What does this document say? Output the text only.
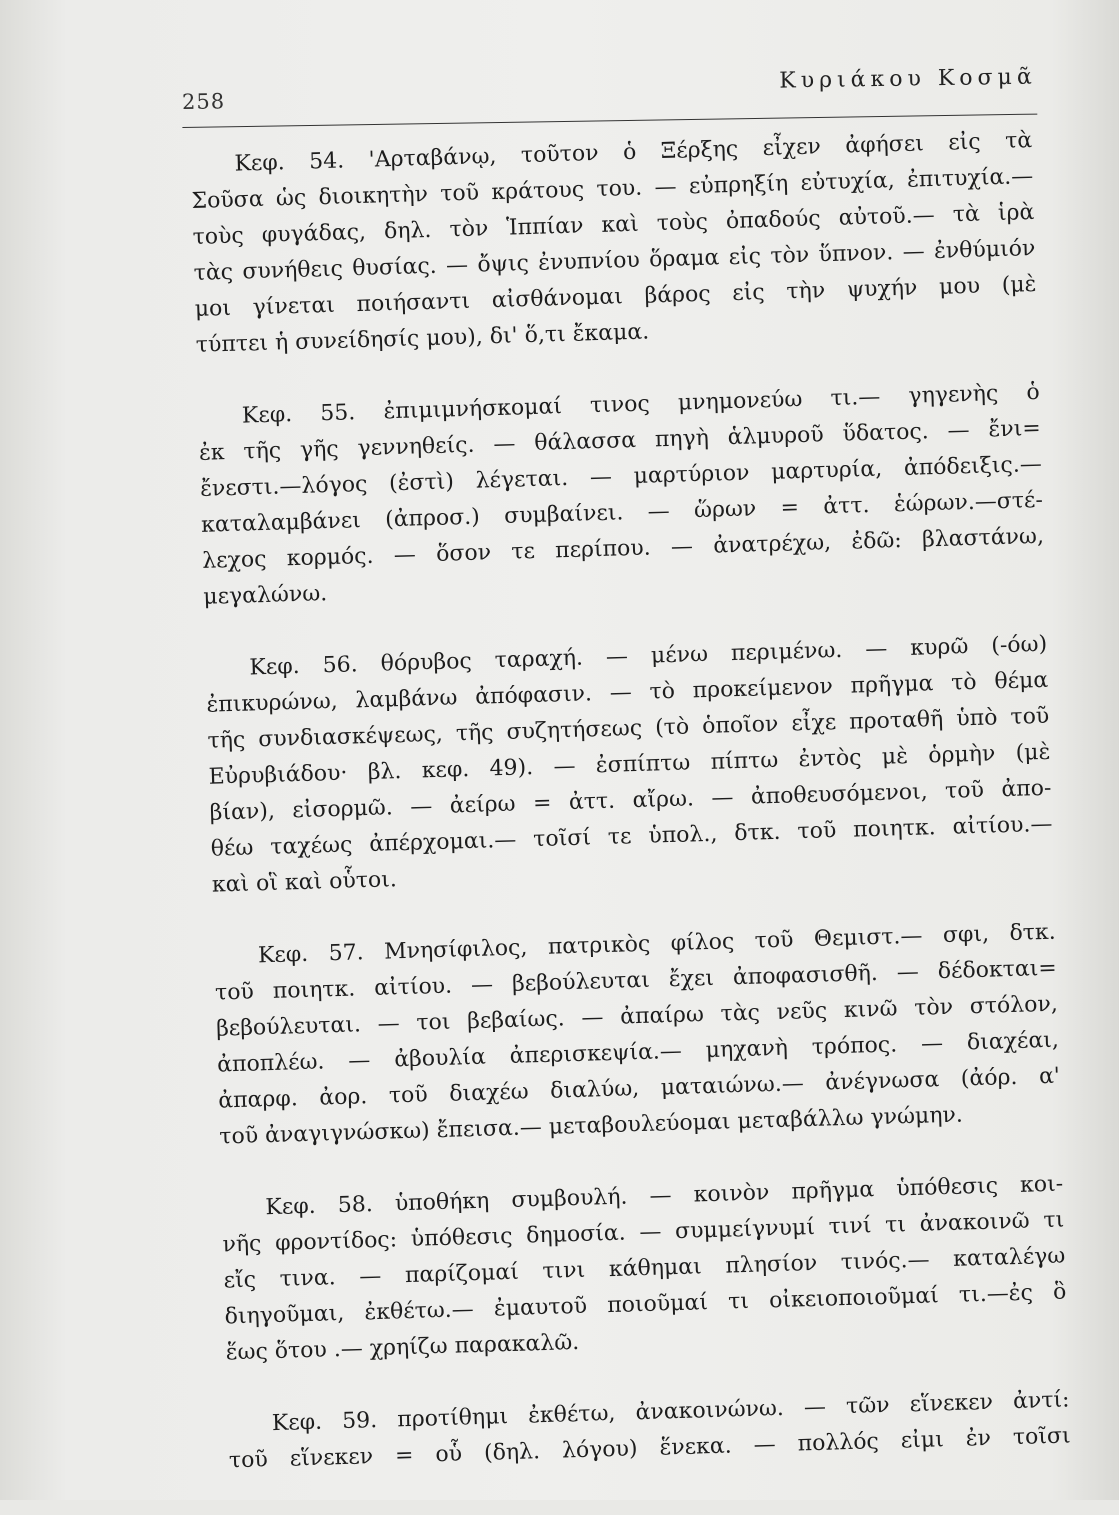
258
Κυριάκου Κοσμᾶ
Κεφ. 54. 'Αρταβάνῳ, τοῦτον ὁ Ξέρξης εἶχεν ἀφήσει εἰς τὰ
Σοῦσα ὡς διοικητὴν τοῦ κράτους του. — εὐπρηξίη εὐτυχία, ἐπιτυχία.—
τοὺς φυγάδας, δηλ. τὸν Ἱππίαν καὶ τοὺς ὀπαδούς αὐτοῦ.— τὰ ἱρὰ
τὰς συνήθεις θυσίας. — ὄψις ἐνυπνίου ὅραμα εἰς τὸν ὕπνον. — ἐνθύμιόν
μοι γίνεται ποιήσαντι αἰσθάνομαι βάρος εἰς τὴν ψυχήν μου (μὲ
τύπτει ἡ συνείδησίς μου), δι' ὅ,τι ἔκαμα.
Κεφ. 55. ἐπιμιμνήσκομαί τινος μνημονεύω τι.— γηγενὴς ὁ
ἐκ τῆς γῆς γεννηθείς. — θάλασσα πηγὴ ἁλμυροῦ ὕδατος. — ἔνι=
ἔνεστι.—λόγος (ἐστὶ) λέγεται. — μαρτύριον μαρτυρία, ἀπόδειξις.—
καταλαμβάνει (ἀπροσ.) συμβαίνει. — ὥρων = ἀττ. ἑώρων.—στέ-
λεχος κορμός. — ὅσον τε περίπου. — ἀνατρέχω, ἐδῶ: βλαστάνω,
μεγαλώνω.
Κεφ. 56. θόρυβος ταραχή. — μένω περιμένω. — κυρῶ (-όω)
ἐπικυρώνω, λαμβάνω ἀπόφασιν. — τὸ προκείμενον πρῆγμα τὸ θέμα
τῆς συνδιασκέψεως, τῆς συζητήσεως (τὸ ὁποῖον εἶχε προταθῆ ὑπὸ τοῦ
Εὐρυβιάδου· βλ. κεφ. 49). — ἐσπίπτω πίπτω ἐντὸς μὲ ὁρμὴν (μὲ
βίαν), εἰσορμῶ. — ἀείρω = ἀττ. αἴρω. — ἀποθευσόμενοι, τοῦ ἀπο-
θέω ταχέως ἀπέρχομαι.— τοῖσί τε ὑπολ., δτκ. τοῦ ποιητκ. αἰτίου.—
καὶ οἳ καὶ οὗτοι.
Κεφ. 57. Μνησίφιλος, πατρικὸς φίλος τοῦ Θεμιστ.— σφι, δτκ.
τοῦ ποιητκ. αἰτίου. — βεβούλευται ἔχει ἀποφασισθῆ. — δέδοκται=
βεβούλευται. — τοι βεβαίως. — ἀπαίρω τὰς νεῦς κινῶ τὸν στόλον,
ἀποπλέω. — ἀβουλία ἀπερισκεψία.— μηχανὴ τρόπος. — διαχέαι,
ἀπαρφ. ἀορ. τοῦ διαχέω διαλύω, ματαιώνω.— ἀνέγνωσα (ἀόρ. α'
τοῦ ἀναγιγνώσκω) ἔπεισα.— μεταβουλεύομαι μεταβάλλω γνώμην.
Κεφ. 58. ὑποθήκη συμβουλή. — κοινὸν πρῆγμα ὑπόθεσις κοι-
νῆς φροντίδος: ὑπόθεσις δημοσία. — συμμείγνυμί τινί τι ἀνακοινῶ τι
εἴς τινα. — παρίζομαί τινι κάθημαι πλησίον τινός.— καταλέγω
διηγοῦμαι, ἐκθέτω.— ἐμαυτοῦ ποιοῦμαί τι οἰκειοποιοῦμαί τι.—ἐς ὃ
ἕως ὅτου .— χρηίζω παρακαλῶ.
Κεφ. 59. προτίθημι ἐκθέτω, ἀνακοινώνω. — τῶν εἵνεκεν ἀντί:
τοῦ εἵνεκεν = οὗ (δηλ. λόγου) ἕνεκα. — πολλός εἰμι ἐν τοῖσι
